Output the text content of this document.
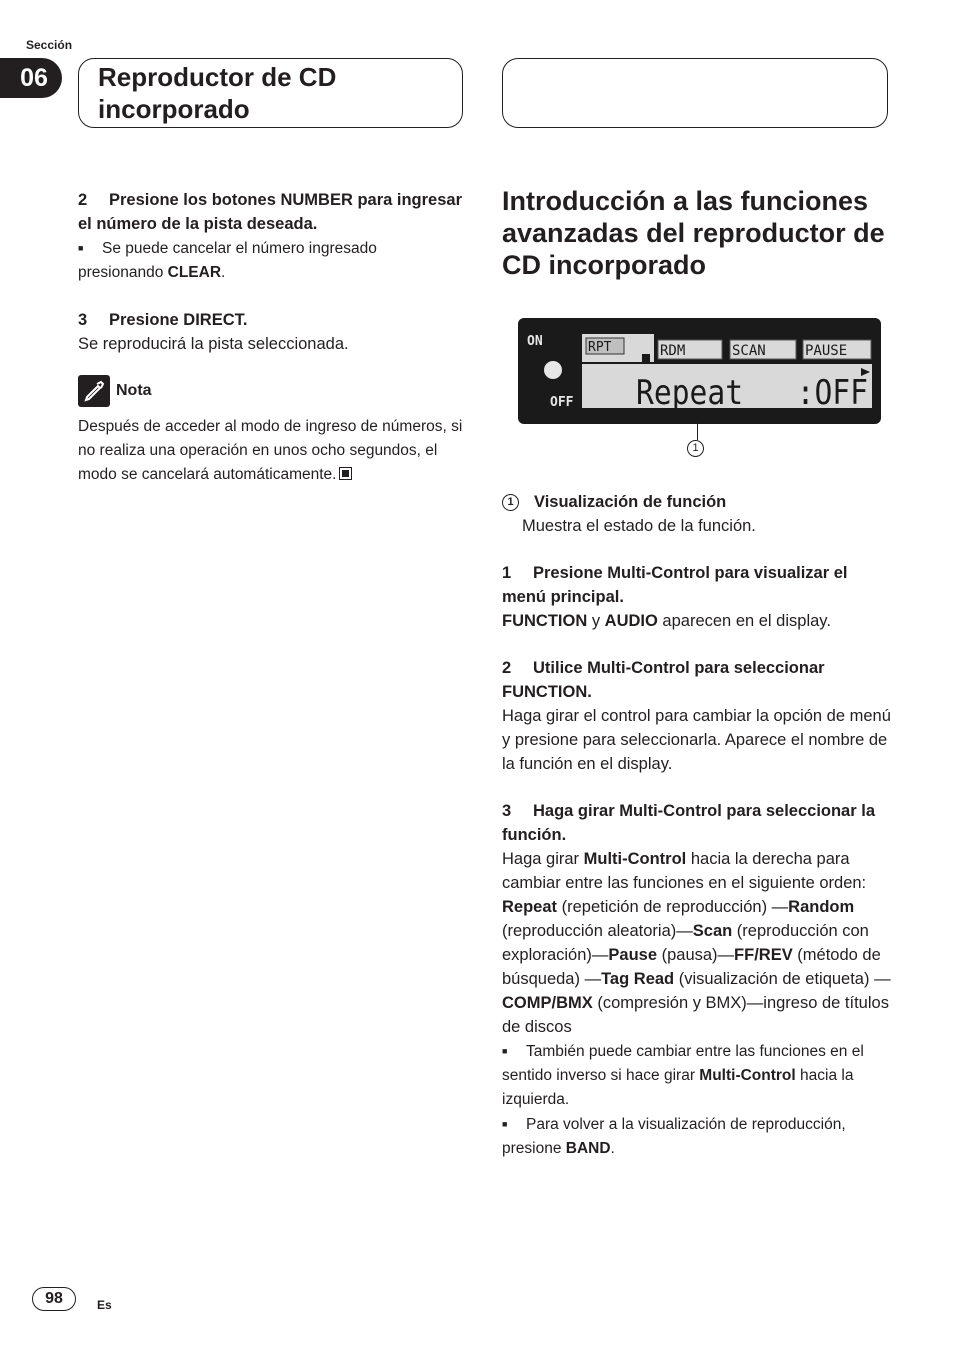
Sección
06	Reproductor de CD incorporado

2 Presione los botones NUMBER para ingresar el número de la pista deseada.

■ Se puede cancelar el número ingresado presionando CLEAR.

3 Presione DIRECT.

Se reproducirá la pista seleccionada.

Nota

Después de acceder al modo de ingreso de números, si no realiza una operación en unos ocho segundos, el modo se cancelará automáticamente.

Introducción a las funciones avanzadas del reproductor de CD incorporado
ON
OFF
RPT	RDM	SCAN	PAUSE
Repeat   :OFF
1

1 Visualización de función

Muestra el estado de la función.

1 Presione Multi-Control para visualizar el menú principal.

FUNCTION y AUDIO aparecen en el display.

2 Utilice Multi-Control para seleccionar FUNCTION.

Haga girar el control para cambiar la opción de menú y presione para seleccionarla. Aparece el nombre de la función en el display.

3 Haga girar Multi-Control para seleccionar la función.

Haga girar Multi-Control hacia la derecha para cambiar entre las funciones en el siguiente orden:

Repeat (repetición de reproducción) —Random (reproducción aleatoria)—Scan (reproducción con exploración)—Pause (pausa)—FF/REV (método de búsqueda) —Tag Read (visualización de etiqueta) —COMP/BMX (compresión y BMX)—ingreso de títulos de discos

■ También puede cambiar entre las funciones en el sentido inverso si hace girar Multi-Control hacia la izquierda.

■ Para volver a la visualización de reproducción, presione BAND.

98	Es
